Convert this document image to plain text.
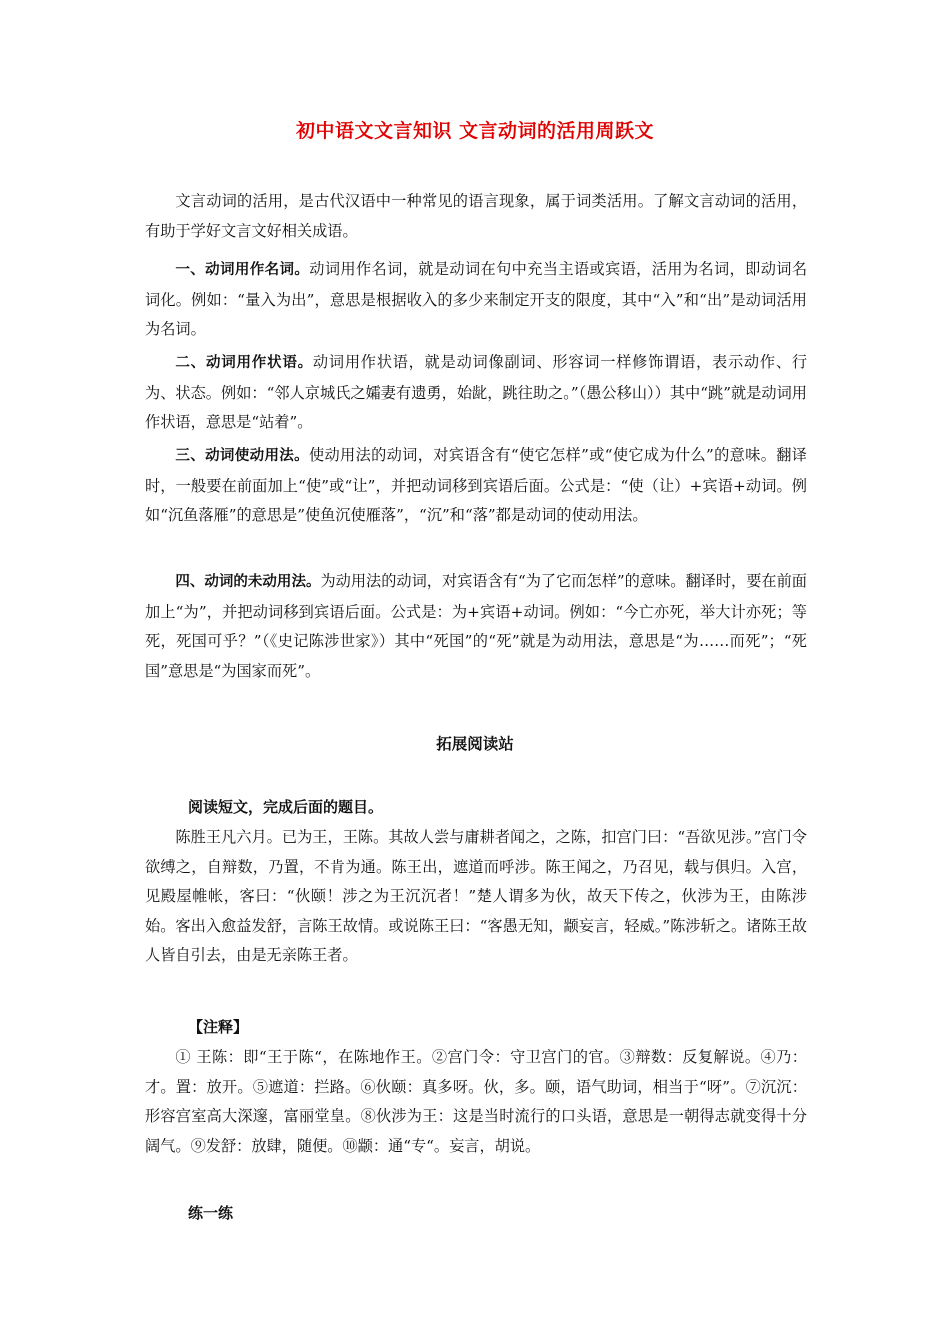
初中语文文言知识 文言动词的活用周跃文

文言动词的活用，是古代汉语中一种常见的语言现象，属于词类活用。了解文言动词的活用，有助于学好文言文好相关成语。

一、动词用作名词。动词用作名词，就是动词在句中充当主语或宾语，活用为名词，即动词名词化。例如：“量入为出”，意思是根据收入的多少来制定开支的限度，其中“入”和“出”是动词活用为名词。

二、动词用作状语。动词用作状语，就是动词像副词、形容词一样修饰谓语，表示动作、行为、状态。例如：“邻人京城氏之孀妻有遗勇，始龀，跳往助之。”（愚公移山））其中“跳”就是动词用作状语，意思是“站着”。

三、动词使动用法。使动用法的动词，对宾语含有“使它怎样”或“使它成为什么”的意味。翻译时，一般要在前面加上“使”或“让”，并把动词移到宾语后面。公式是：“使（让）+宾语+动词。例如“沉鱼落雁”的意思是”使鱼沉使雁落”，“沉”和“落”都是动词的使动用法。

四、动词的未动用法。为动用法的动词，对宾语含有“为了它而怎样”的意味。翻译时，要在前面加上“为”，并把动词移到宾语后面。公式是：为+宾语+动词。例如：“今亡亦死，举大计亦死；等死，死国可乎？”（《史记陈涉世家》）其中“死国”的“死”就是为动用法，意思是“为……而死”；“死国”意思是“为国家而死”。

拓展阅读站
阅读短文，完成后面的题目。

陈胜王凡六月。已为王，王陈。其故人尝与庸耕者闻之，之陈，扣宫门曰：“吾欲见涉。”宫门令欲缚之，自辩数，乃置，不肯为通。陈王出，遮道而呼涉。陈王闻之，乃召见，载与俱归。入宫，见殿屋帷帐，客曰：“伙颐！涉之为王沉沉者！”楚人谓多为伙，故天下传之，伙涉为王，由陈涉始。客出入愈益发舒，言陈王故情。或说陈王曰：“客愚无知，颛妄言，轻威。”陈涉斩之。诸陈王故人皆自引去，由是无亲陈王者。

【注释】

① 王陈：即“王于陈“，在陈地作王。②宫门令：守卫宫门的官。③辩数：反复解说。④乃：才。置：放开。⑤遮道：拦路。⑥伙颐：真多呀。伙，多。颐，语气助词，相当于“呀”。⑦沉沉：形容宫室高大深邃，富丽堂皇。⑧伙涉为王：这是当时流行的口头语，意思是一朝得志就变得十分阔气。⑨发舒：放肆，随便。⑩颛：通“专“。妄言，胡说。

练一练
